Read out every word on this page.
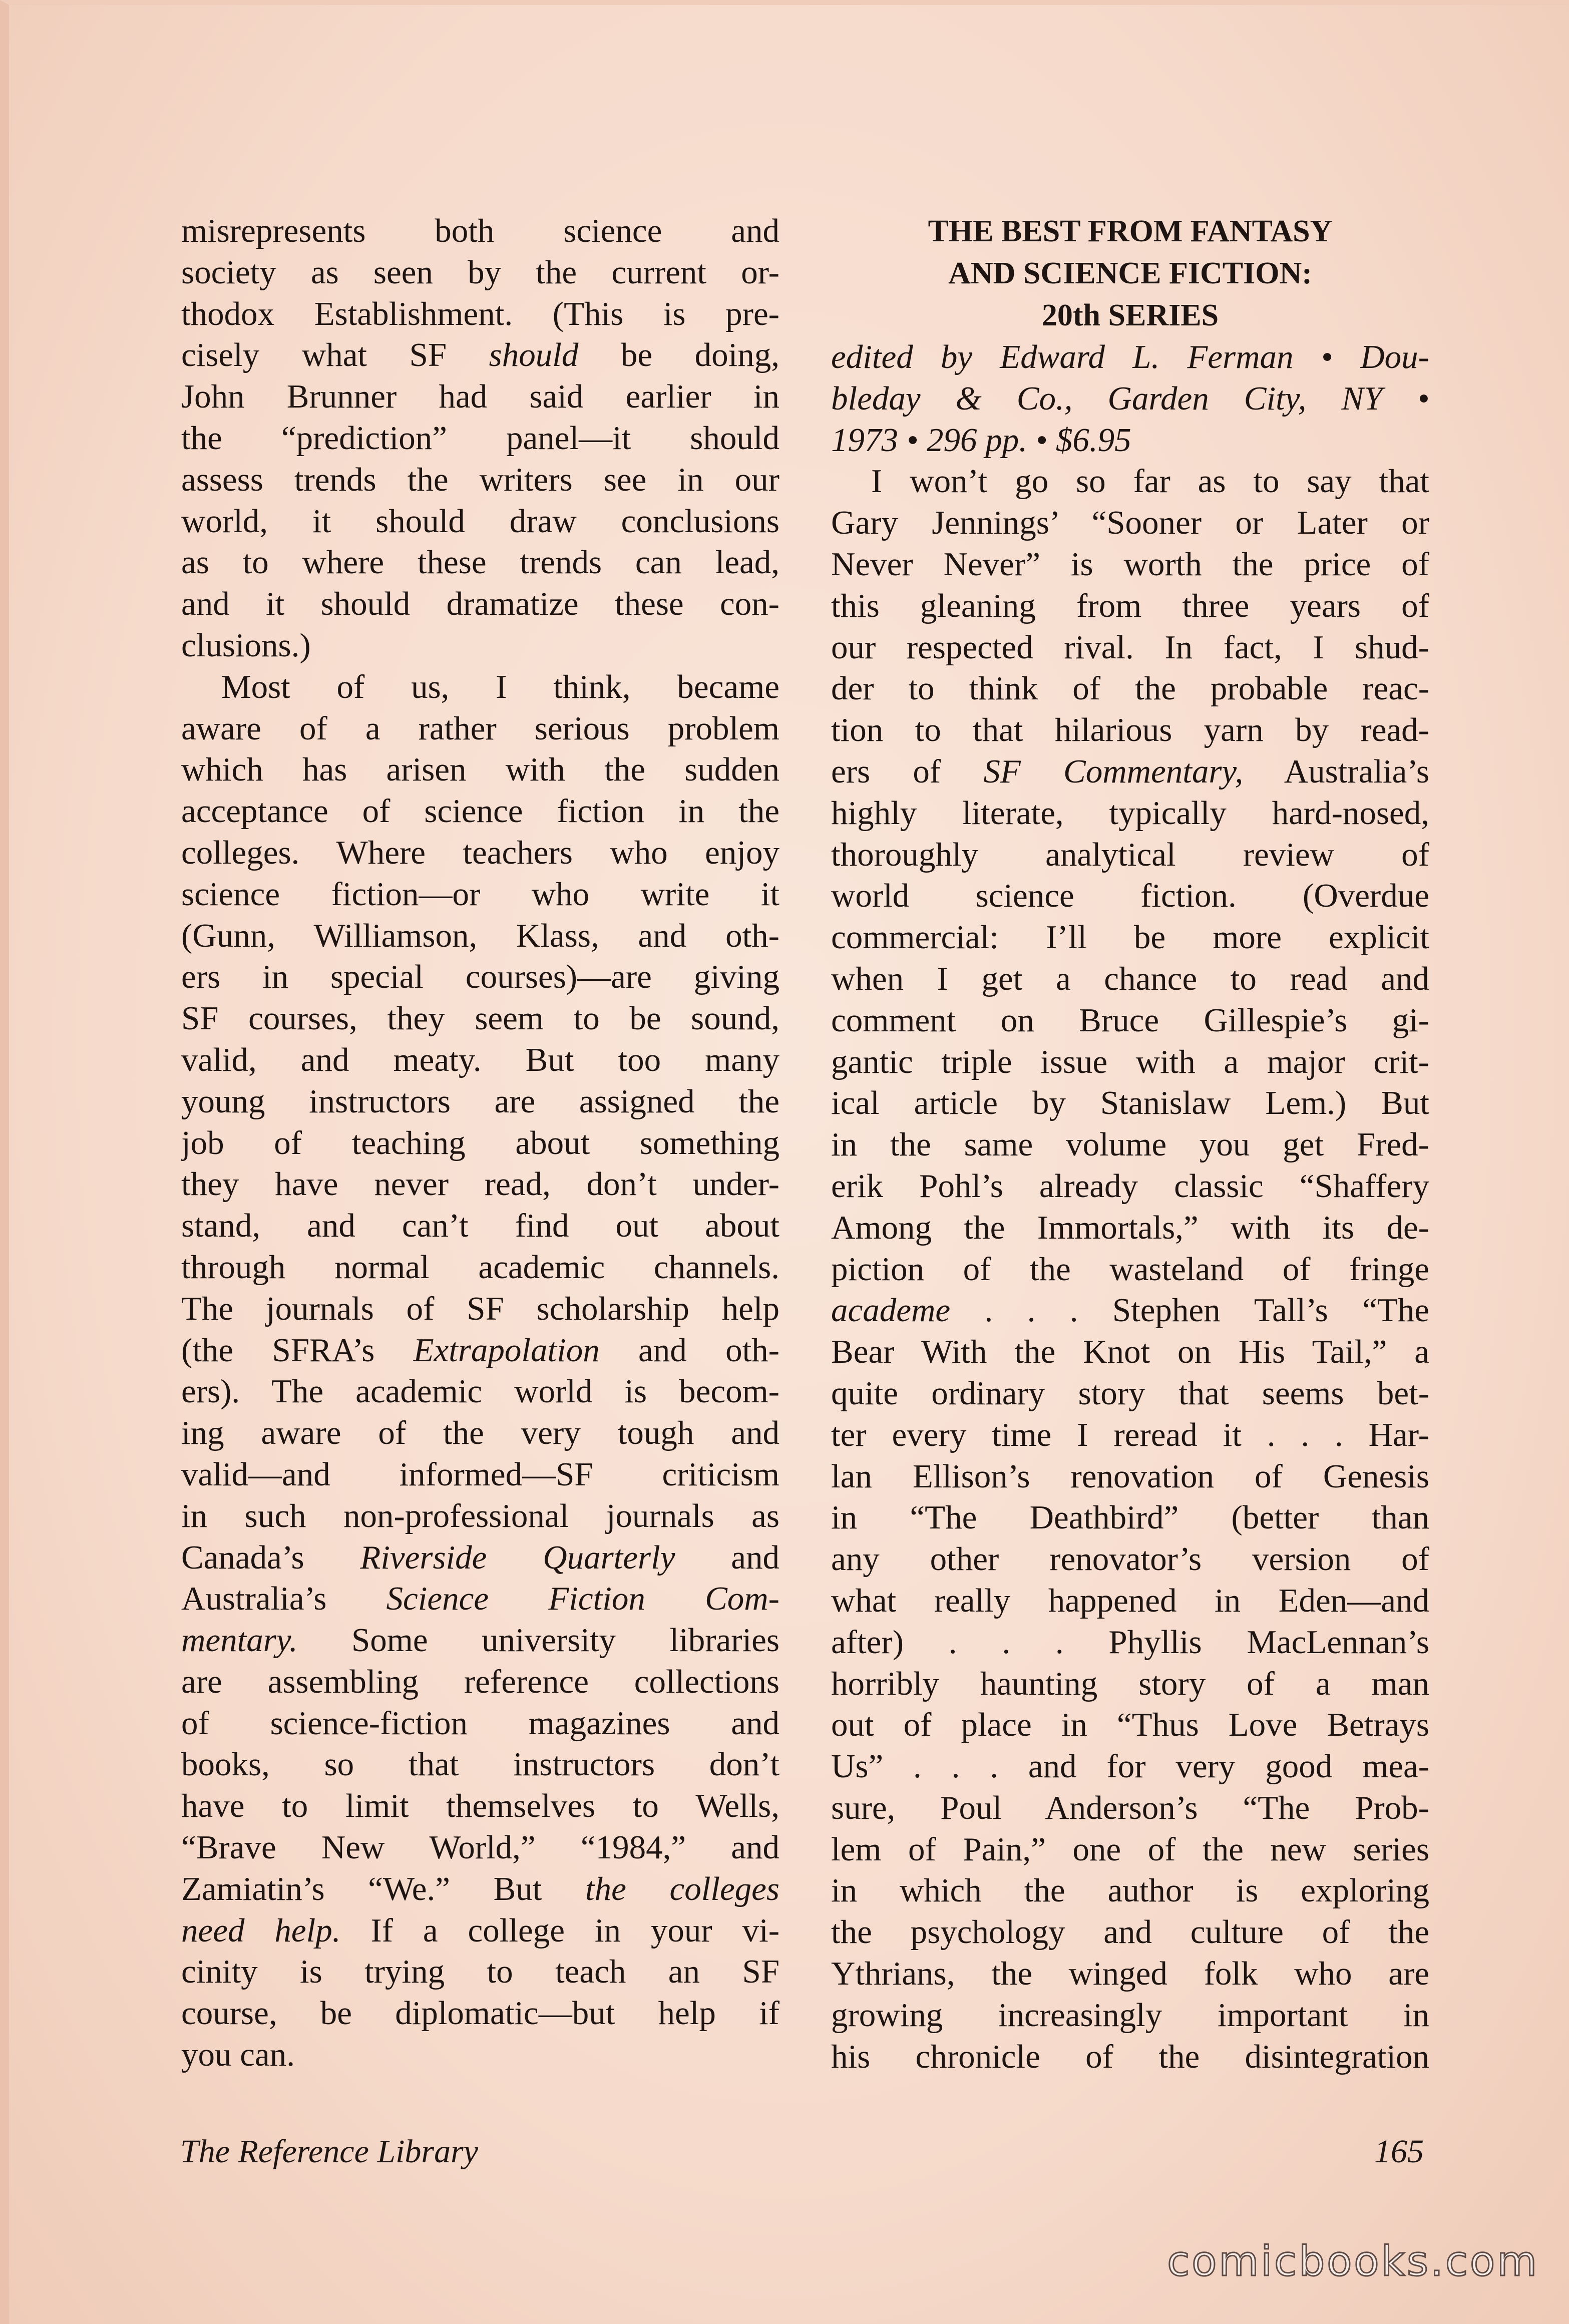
misrepresents both science and
society as seen by the current or-
thodox Establishment. (This is pre-
cisely what SF should be doing,
John Brunner had said earlier in
the “prediction” panel—it should
assess trends the writers see in our
world, it should draw conclusions
as to where these trends can lead,
and it should dramatize these con-
clusions.)
Most of us, I think, became
aware of a rather serious problem
which has arisen with the sudden
acceptance of science fiction in the
colleges. Where teachers who enjoy
science fiction—or who write it
(Gunn, Williamson, Klass, and oth-
ers in special courses)—are giving
SF courses, they seem to be sound,
valid, and meaty. But too many
young instructors are assigned the
job of teaching about something
they have never read, don’t under-
stand, and can’t find out about
through normal academic channels.
The journals of SF scholarship help
(the SFRA’s Extrapolation and oth-
ers). The academic world is becom-
ing aware of the very tough and
valid—and informed—SF criticism
in such non-professional journals as
Canada’s Riverside Quarterly and
Australia’s Science Fiction Com-
mentary. Some university libraries
are assembling reference collections
of science-fiction magazines and
books, so that instructors don’t
have to limit themselves to Wells,
“Brave New World,” “1984,” and
Zamiatin’s “We.” But the colleges
need help. If a college in your vi-
cinity is trying to teach an SF
course, be diplomatic—but help if
you can.
THE BEST FROM FANTASY
AND SCIENCE FICTION:
20th SERIES
edited by Edward L. Ferman • Dou-
bleday & Co., Garden City, NY •
1973 • 296 pp. • $6.95
I won’t go so far as to say that
Gary Jennings’ “Sooner or Later or
Never Never” is worth the price of
this gleaning from three years of
our respected rival. In fact, I shud-
der to think of the probable reac-
tion to that hilarious yarn by read-
ers of SF Commentary, Australia’s
highly literate, typically hard-nosed,
thoroughly analytical review of
world science fiction. (Overdue
commercial: I’ll be more explicit
when I get a chance to read and
comment on Bruce Gillespie’s gi-
gantic triple issue with a major crit-
ical article by Stanislaw Lem.) But
in the same volume you get Fred-
erik Pohl’s already classic “Shaffery
Among the Immortals,” with its de-
piction of the wasteland of fringe
academe . . . Stephen Tall’s “The
Bear With the Knot on His Tail,” a
quite ordinary story that seems bet-
ter every time I reread it . . . Har-
lan Ellison’s renovation of Genesis
in “The Deathbird” (better than
any other renovator’s version of
what really happened in Eden—and
after) . . . Phyllis MacLennan’s
horribly haunting story of a man
out of place in “Thus Love Betrays
Us” . . . and for very good mea-
sure, Poul Anderson’s “The Prob-
lem of Pain,” one of the new series
in which the author is exploring
the psychology and culture of the
Ythrians, the winged folk who are
growing increasingly important in
his chronicle of the disintegration
The Reference Library	165
comicbooks.com
